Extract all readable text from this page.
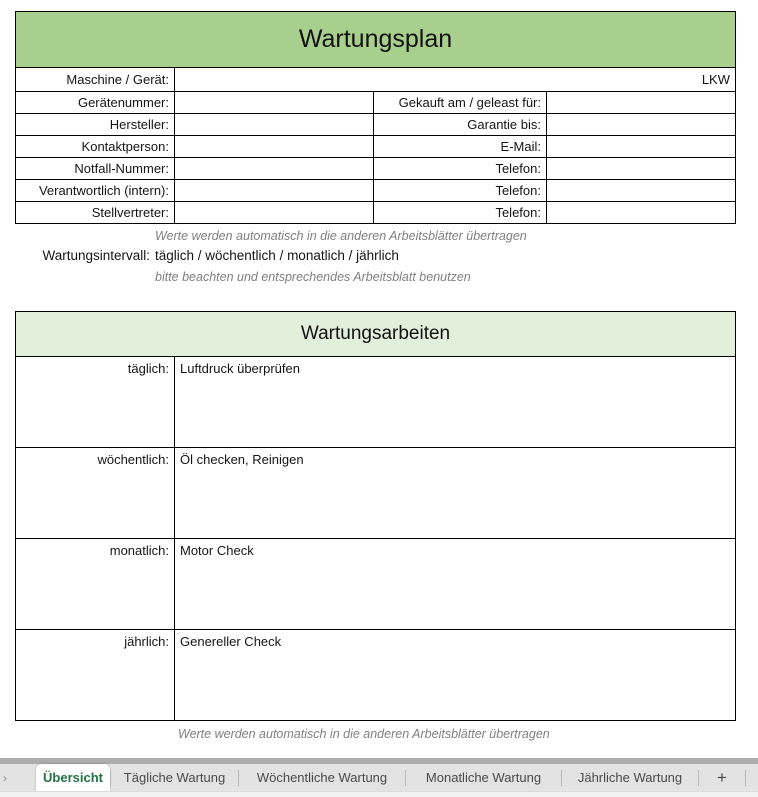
Wartungsplan
Maschine / Gerät:	LKW
Gerätenummer:	Gekauft am / geleast für:
Hersteller:	Garantie bis:
Kontaktperson:	E-Mail:
Notfall-Nummer:	Telefon:
Verantwortlich (intern):	Telefon:
Stellvertreter:	Telefon:
Werte werden automatisch in die anderen Arbeitsblätter übertragen
Wartungsintervall: täglich / wöchentlich / monatlich / jährlich
bitte beachten und entsprechendes Arbeitsblatt benutzen
Wartungsarbeiten
täglich: Luftdruck überprüfen
wöchentlich: Öl checken, Reinigen
monatlich: Motor Check
jährlich: Genereller Check
Werte werden automatisch in die anderen Arbeitsblätter übertragen
›	Übersicht	Tägliche Wartung	Wöchentliche Wartung	Monatliche Wartung	Jährliche Wartung	+
